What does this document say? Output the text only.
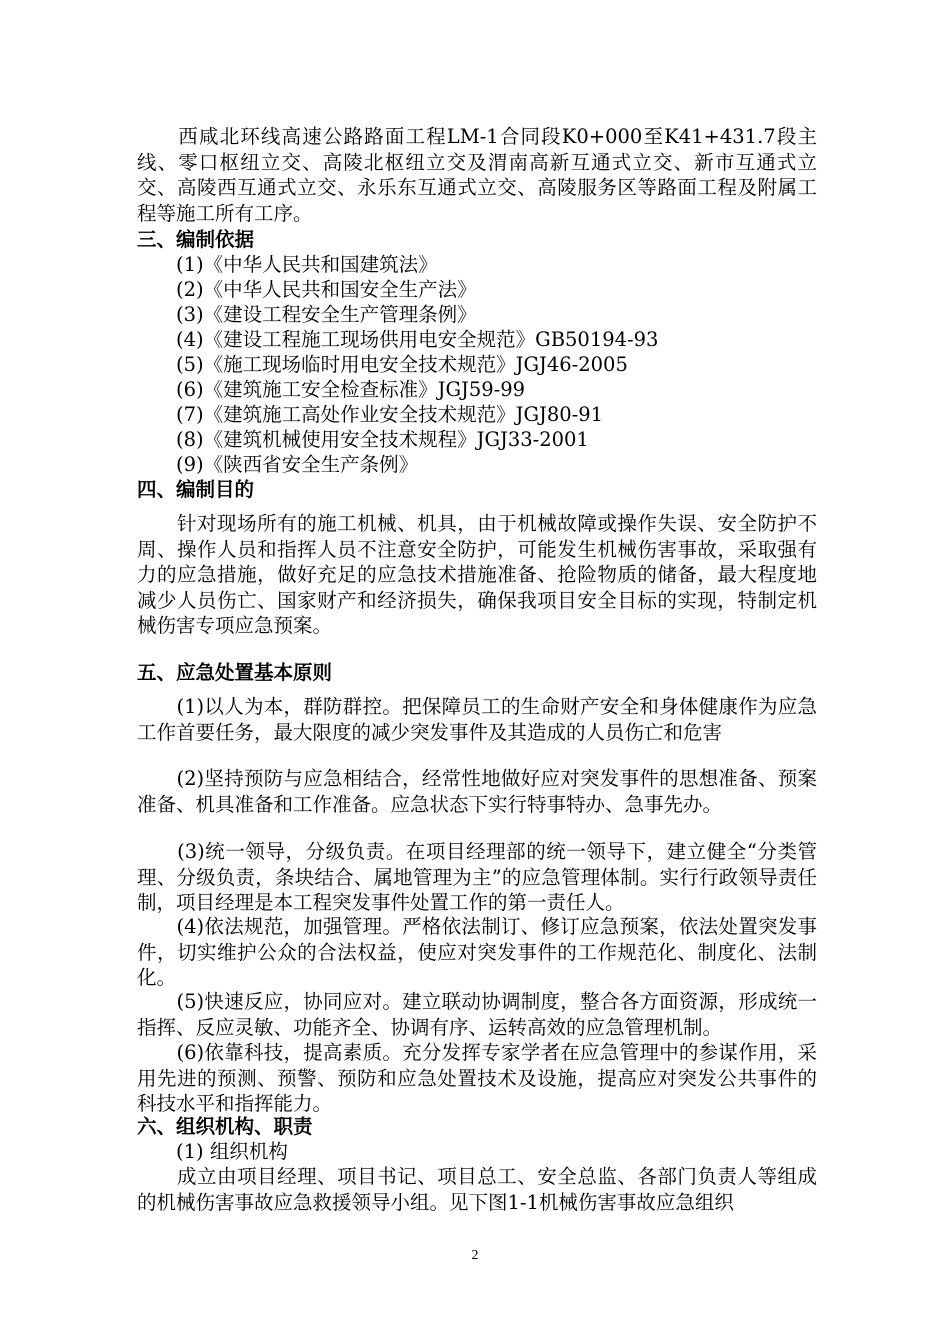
　　西咸北环线高速公路路面工程LM-1合同段K0+000至K41+431.7段主线、零口枢纽立交、高陵北枢纽立交及渭南高新互通式立交、新市互通式立交、高陵西互通式立交、永乐东互通式立交、高陵服务区等路面工程及附属工程等施工所有工序。
三、编制依据
(1)《中华人民共和国建筑法》
(2)《中华人民共和国安全生产法》
(3)《建设工程安全生产管理条例》
(4)《建设工程施工现场供用电安全规范》GB50194-93
(5)《施工现场临时用电安全技术规范》JGJ46-2005
(6)《建筑施工安全检查标准》JGJ59-99
(7)《建筑施工高处作业安全技术规范》JGJ80-91
(8)《建筑机械使用安全技术规程》JGJ33-2001
(9)《陕西省安全生产条例》
四、编制目的
　　针对现场所有的施工机械、机具，由于机械故障或操作失误、安全防护不周、操作人员和指挥人员不注意安全防护，可能发生机械伤害事故，采取强有力的应急措施，做好充足的应急技术措施准备、抢险物质的储备，最大程度地减少人员伤亡、国家财产和经济损失，确保我项目安全目标的实现，特制定机械伤害专项应急预案。
五、应急处置基本原则
　　(1)以人为本，群防群控。把保障员工的生命财产安全和身体健康作为应急工作首要任务，最大限度的减少突发事件及其造成的人员伤亡和危害
　　(2)坚持预防与应急相结合，经常性地做好应对突发事件的思想准备、预案准备、机具准备和工作准备。应急状态下实行特事特办、急事先办。
　　(3)统一领导，分级负责。在项目经理部的统一领导下，建立健全“分类管理、分级负责，条块结合、属地管理为主”的应急管理体制。实行行政领导责任制，项目经理是本工程突发事件处置工作的第一责任人。
　　(4)依法规范，加强管理。严格依法制订、修订应急预案，依法处置突发事件，切实维护公众的合法权益，使应对突发事件的工作规范化、制度化、法制化。
　　(5)快速反应，协同应对。建立联动协调制度，整合各方面资源，形成统一指挥、反应灵敏、功能齐全、协调有序、运转高效的应急管理机制。
　　(6)依靠科技，提高素质。充分发挥专家学者在应急管理中的参谋作用，采用先进的预测、预警、预防和应急处置技术及设施，提高应对突发公共事件的科技水平和指挥能力。
六、组织机构、职责
(1) 组织机构
　　成立由项目经理、项目书记、项目总工、安全总监、各部门负责人等组成的机械伤害事故应急救援领导小组。见下图1-1机械伤害事故应急组织
2
